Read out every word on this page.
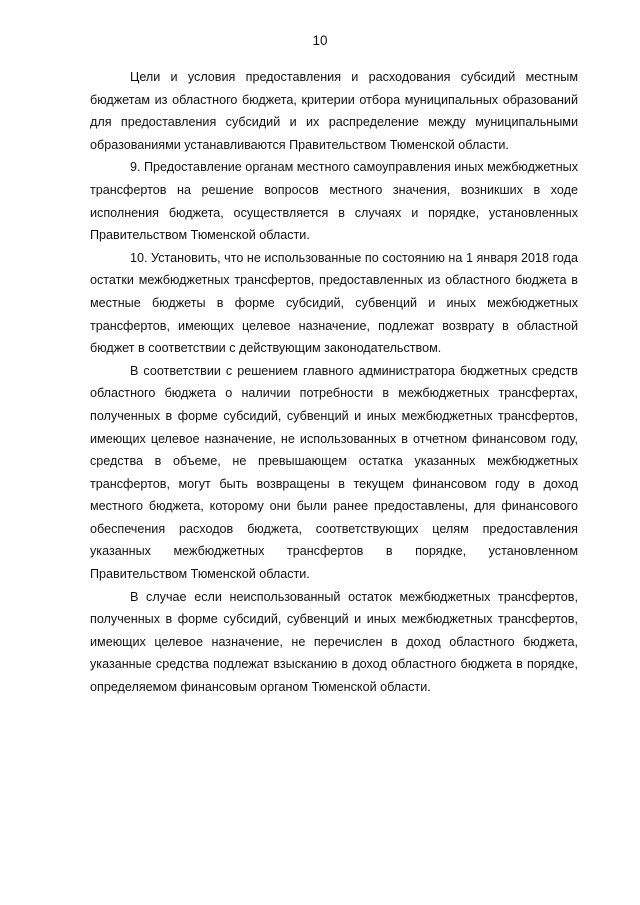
10

Цели и условия предоставления и расходования субсидий местным бюджетам из областного бюджета, критерии отбора муниципальных образований для предоставления субсидий и их распределение между муниципальными образованиями устанавливаются Правительством Тюменской области.

9. Предоставление органам местного самоуправления иных межбюджетных трансфертов на решение вопросов местного значения, возникших в ходе исполнения бюджета, осуществляется в случаях и порядке, установленных Правительством Тюменской области.

10. Установить, что не использованные по состоянию на 1 января 2018 года остатки межбюджетных трансфертов, предоставленных из областного бюджета в местные бюджеты в форме субсидий, субвенций и иных межбюджетных трансфертов, имеющих целевое назначение, подлежат возврату в областной бюджет в соответствии с действующим законодательством.

В соответствии с решением главного администратора бюджетных средств областного бюджета о наличии потребности в межбюджетных трансфертах, полученных в форме субсидий, субвенций и иных межбюджетных трансфертов, имеющих целевое назначение, не использованных в отчетном финансовом году, средства в объеме, не превышающем остатка указанных межбюджетных трансфертов, могут быть возвращены в текущем финансовом году в доход местного бюджета, которому они были ранее предоставлены, для финансового обеспечения расходов бюджета, соответствующих целям предоставления указанных межбюджетных трансфертов в порядке, установленном Правительством Тюменской области.

В случае если неиспользованный остаток межбюджетных трансфертов, полученных в форме субсидий, субвенций и иных межбюджетных трансфертов, имеющих целевое назначение, не перечислен в доход областного бюджета, указанные средства подлежат взысканию в доход областного бюджета в порядке, определяемом финансовым органом Тюменской области.
